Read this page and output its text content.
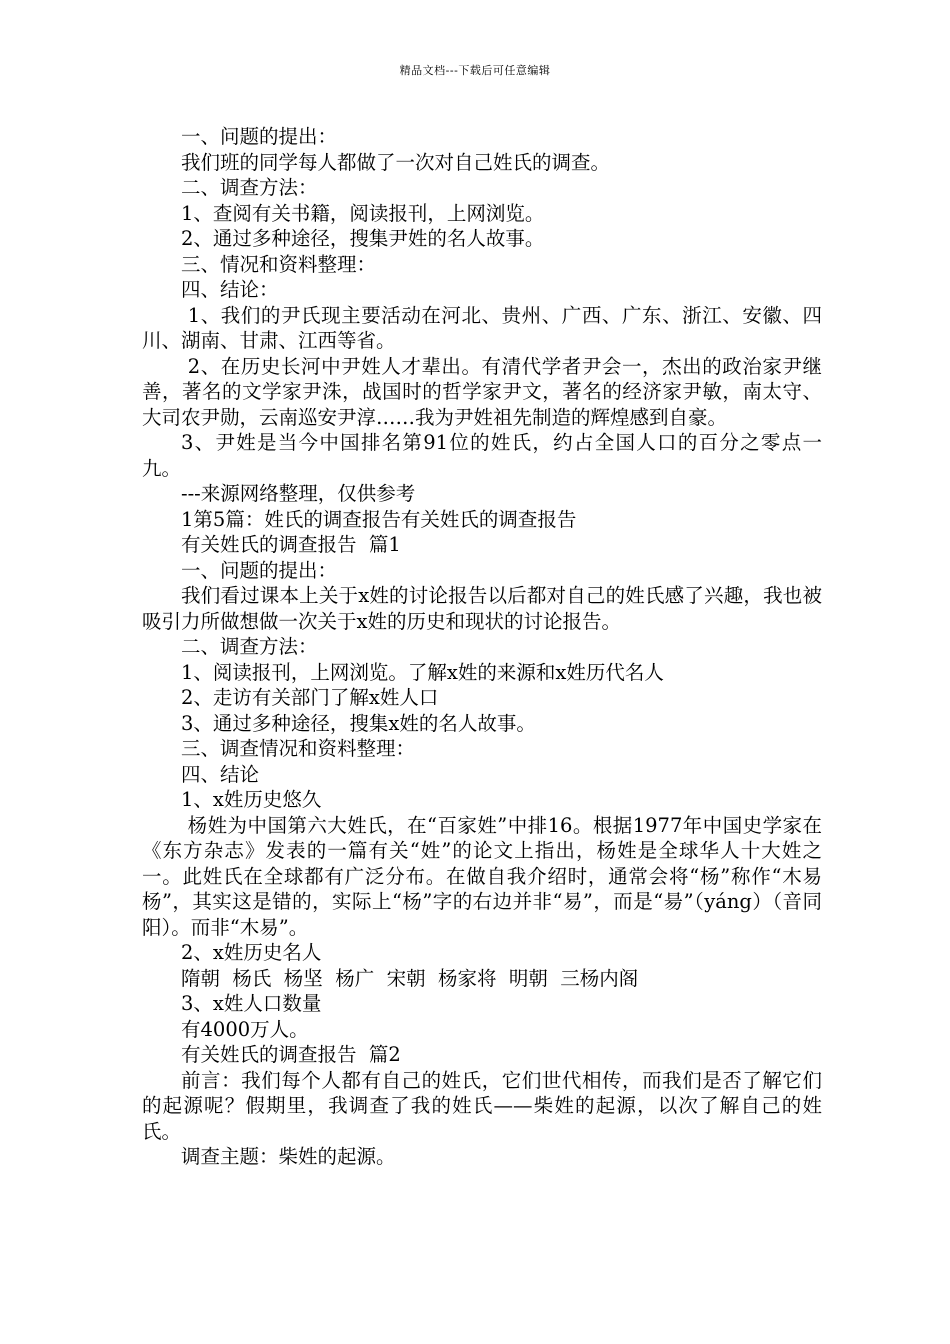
精品文档---下载后可任意编辑

一、问题的提出：

我们班的同学每人都做了一次对自己姓氏的调查。

二、调查方法：

1、查阅有关书籍，阅读报刊，上网浏览。

2、通过多种途径，搜集尹姓的名人故事。

三、情况和资料整理：

四、结论：

1、我们的尹氏现主要活动在河北、贵州、广西、广东、浙江、安徽、四川、湖南、甘肃、江西等省。

2、在历史长河中尹姓人才辈出。有清代学者尹会一，杰出的政治家尹继善，著名的文学家尹洙，战国时的哲学家尹文，著名的经济家尹敏，南太守、大司农尹勋，云南巡安尹淳……我为尹姓祖先制造的辉煌感到自豪。

3、尹姓是当今中国排名第91位的姓氏，约占全国人口的百分之零点一九。

---来源网络整理，仅供参考

1第5篇：姓氏的调查报告有关姓氏的调查报告

有关姓氏的调查报告  篇1

一、问题的提出：

我们看过课本上关于x姓的讨论报告以后都对自己的姓氏感了兴趣，我也被吸引力所做想做一次关于x姓的历史和现状的讨论报告。

二、调查方法：

1、阅读报刊，上网浏览。了解x姓的来源和x姓历代名人

2、走访有关部门了解x姓人口

3、通过多种途径，搜集x姓的名人故事。

三、调查情况和资料整理：

四、结论

1、x姓历史悠久

杨姓为中国第六大姓氏，在“百家姓”中排16。根据1977年中国史学家在《东方杂志》发表的一篇有关“姓”的论文上指出，杨姓是全球华人十大姓之一。此姓氏在全球都有广泛分布。在做自我介绍时，通常会将“杨”称作“木易杨”，其实这是错的，实际上“杨”字的右边并非“易”，而是“昜”（yáng）（音同阳）。而非“木易”。

2、x姓历史名人

隋朝  杨氏  杨坚  杨广  宋朝  杨家将  明朝  三杨内阁

3、x姓人口数量

有4000万人。

有关姓氏的调查报告  篇2

前言：我们每个人都有自己的姓氏，它们世代相传，而我们是否了解它们的起源呢？假期里，我调查了我的姓氏——柴姓的起源，以次了解自己的姓氏。

调查主题：柴姓的起源。
